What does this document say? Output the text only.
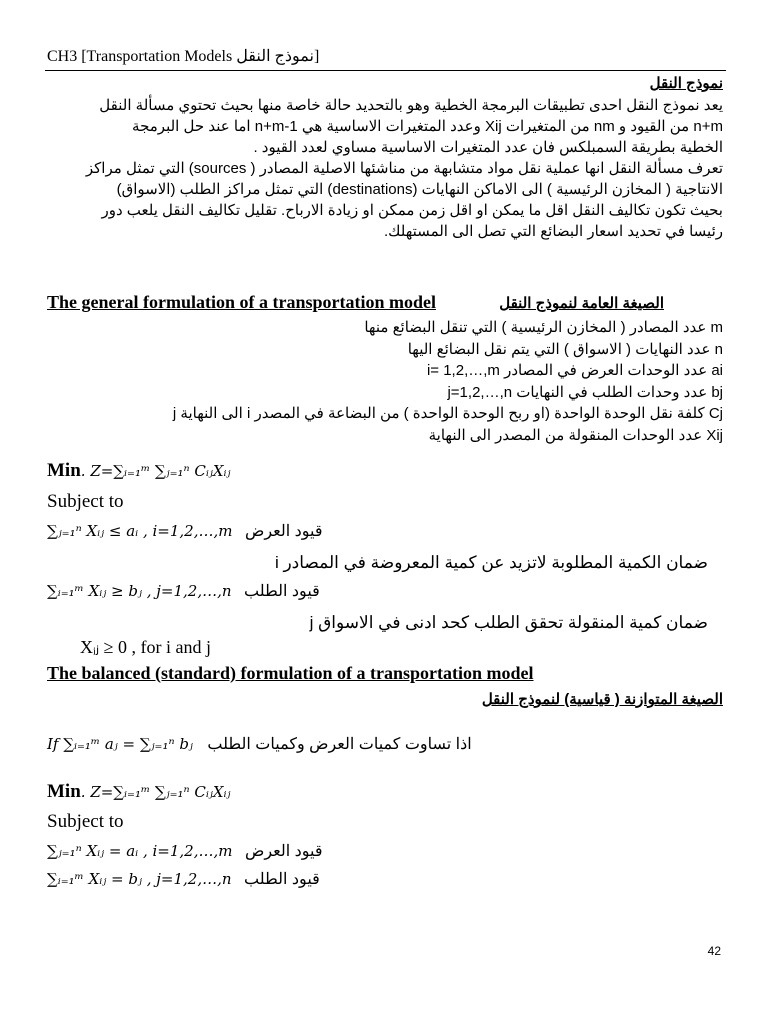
CH3 [Transportation Models نموذج النقل]
نموذج النقل
يعد نموذج النقل احدى تطبيقات البرمجة الخطية وهو بالتحديد حالة خاصة منها بحيث تحتوي مسألة النقل
n+m من القيود و nm من المتغيرات Xij وعدد المتغيرات الاساسية هي n+m-1 اما عند حل البرمجة
الخطية بطريقة السمبلكس فان عدد المتغيرات الاساسية مساوي لعدد القيود .
تعرف مسألة النقل انها عملية نقل مواد متشابهة من مناشئها الاصلية المصادر ( sources) التي تمثل مراكز
الانتاجية ( المخازن الرئيسية ) الى الاماكن النهايات (destinations) التي تمثل مراكز الطلب (الاسواق)
بحيث تكون تكاليف النقل اقل ما يمكن او اقل زمن ممكن او زيادة الارباح. تقليل تكاليف النقل يلعب دور
رئيسا في تحديد اسعار البضائع التي تصل الى المستهلك.
The general formulation of a transportation model	الصيغة العامة لنموذج النقل
m عدد المصادر ( المخازن الرئيسية ) التي تنقل البضائع منها
n عدد النهايات ( الاسواق ) التي يتم نقل البضائع اليها
ai عدد الوحدات العرض في المصادر i= 1,2,…,m
bj عدد وحدات الطلب في النهايات j=1,2,…,n
Cj كلفة نقل الوحدة الواحدة (او ربح الوحدة الواحدة ) من البضاعة في المصدر i الى النهاية j
Xij عدد الوحدات المنقولة من المصدر الى النهاية
Min. Z=∑ᵢ₌₁ᵐ ∑ⱼ₌₁ⁿ CᵢⱼXᵢⱼ
Subject to
∑ⱼ₌₁ⁿ Xᵢⱼ ≤ aᵢ , i=1,2,…,m قيود العرض
ضمان الكمية المطلوبة لاتزيد عن كمية المعروضة في المصادر i
∑ᵢ₌₁ᵐ Xᵢⱼ ≥ bⱼ , j=1,2,…,n قيود الطلب
ضمان كمية المنقولة تحقق الطلب كحد ادنى في الاسواق j
Xᵢⱼ ≥ 0 , for i and j
The balanced (standard) formulation of a transportation model
الصيغة المتوازنة ( قياسية) لنموذج النقل
If ∑ᵢ₌₁ᵐ aⱼ = ∑ⱼ₌₁ⁿ bⱼ اذا تساوت كميات العرض وكميات الطلب
Min. Z=∑ᵢ₌₁ᵐ ∑ⱼ₌₁ⁿ CᵢⱼXᵢⱼ
Subject to
∑ⱼ₌₁ⁿ Xᵢⱼ = aᵢ , i=1,2,…,m قيود العرض
∑ᵢ₌₁ᵐ Xᵢⱼ = bⱼ , j=1,2,…,n قيود الطلب
42
